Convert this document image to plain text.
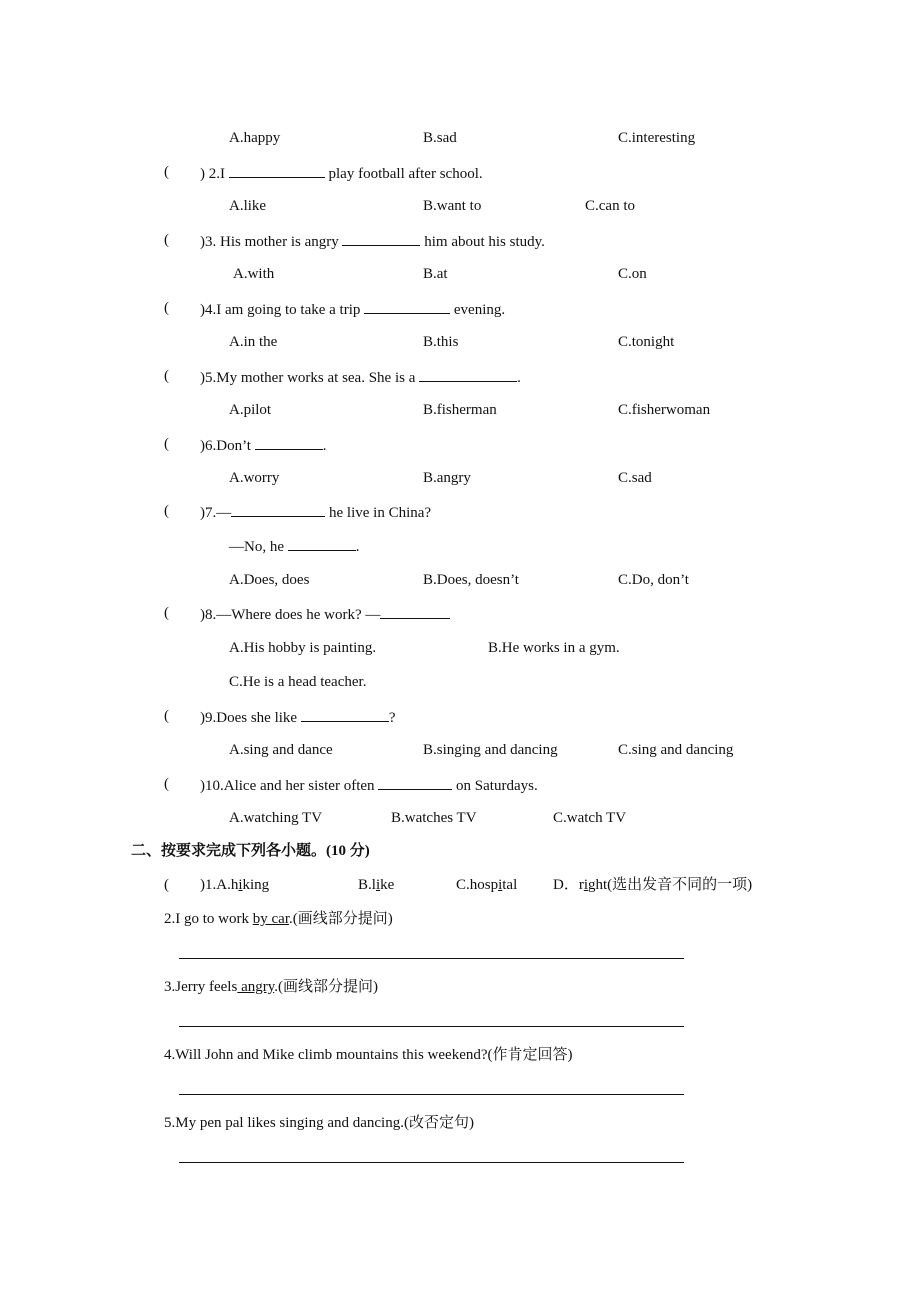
A.happy	B.sad	C.interesting
( ) 2.I	play football after school.
A.like	B.want to	C.can to
( )3. His mother is angry	him about his study.
A.with	B.at	C.on
( )4.I am going to take a trip	evening.
A.in the	B.this	C.tonight
( )5.My mother works at sea. She is a	.
A.pilot	B.fisherman	C.fisherwoman
( )6.Don’t	.
A.worry	B.angry	C.sad
( )7.—	he live in China?
—No, he	.
A.Does, does	B.Does, doesn’t	C.Do, don’t
( )8.—Where does he work? —
A.His hobby is painting.	B.He works in a gym.
C.He is a head teacher.
( )9.Does she like	?
A.sing and dance	B.singing and dancing	C.sing and dancing
( )10.Alice and her sister often	on Saturdays.
A.watching TV	B.watches TV	C.watch TV
二、按要求完成下列各小题。(10 分)
( )1.A.hiking	B.like	C.hospital D．right(选出发音不同的一项)
2.I go to work by car.(画线部分提问)
3.Jerry feels angry.(画线部分提问)
4.Will John and Mike climb mountains this weekend?(作肯定回答)
5.My pen pal likes singing and dancing.(改否定句)
